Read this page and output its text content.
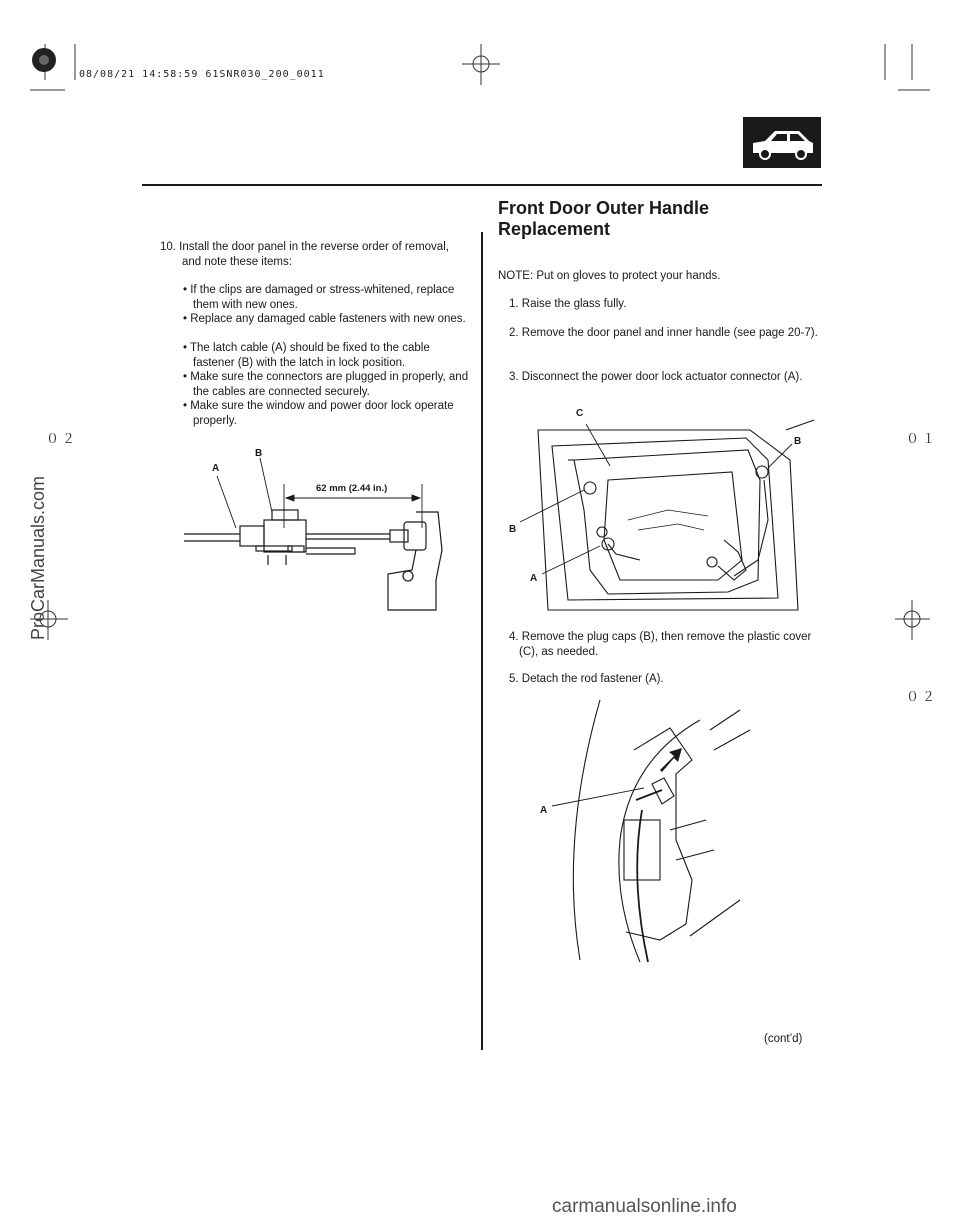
08/08/21 14:58:59 61SNR030_200_0011
０２	０１
０２
10. Install the door panel in the reverse order of removal, and note these items:
• If the clips are damaged or stress-whitened, replace them with new ones.
• Replace any damaged cable fasteners with new ones.
• The latch cable (A) should be fixed to the cable fastener (B) with the latch in lock position.
• Make sure the connectors are plugged in properly, and the cables are connected securely.
• Make sure the window and power door lock operate properly.
A
B
62 mm (2.44 in.)
Front Door Outer Handle
Replacement
NOTE: Put on gloves to protect your hands.
1. Raise the glass fully.
2. Remove the door panel and inner handle (see page 20-7).
3. Disconnect the power door lock actuator connector (A).
C
B
B
A
4. Remove the plug caps (B), then remove the plastic cover (C), as needed.
5. Detach the rod fastener (A).
A
(cont’d)
ProCarManuals.com
carmanualsonline.info
